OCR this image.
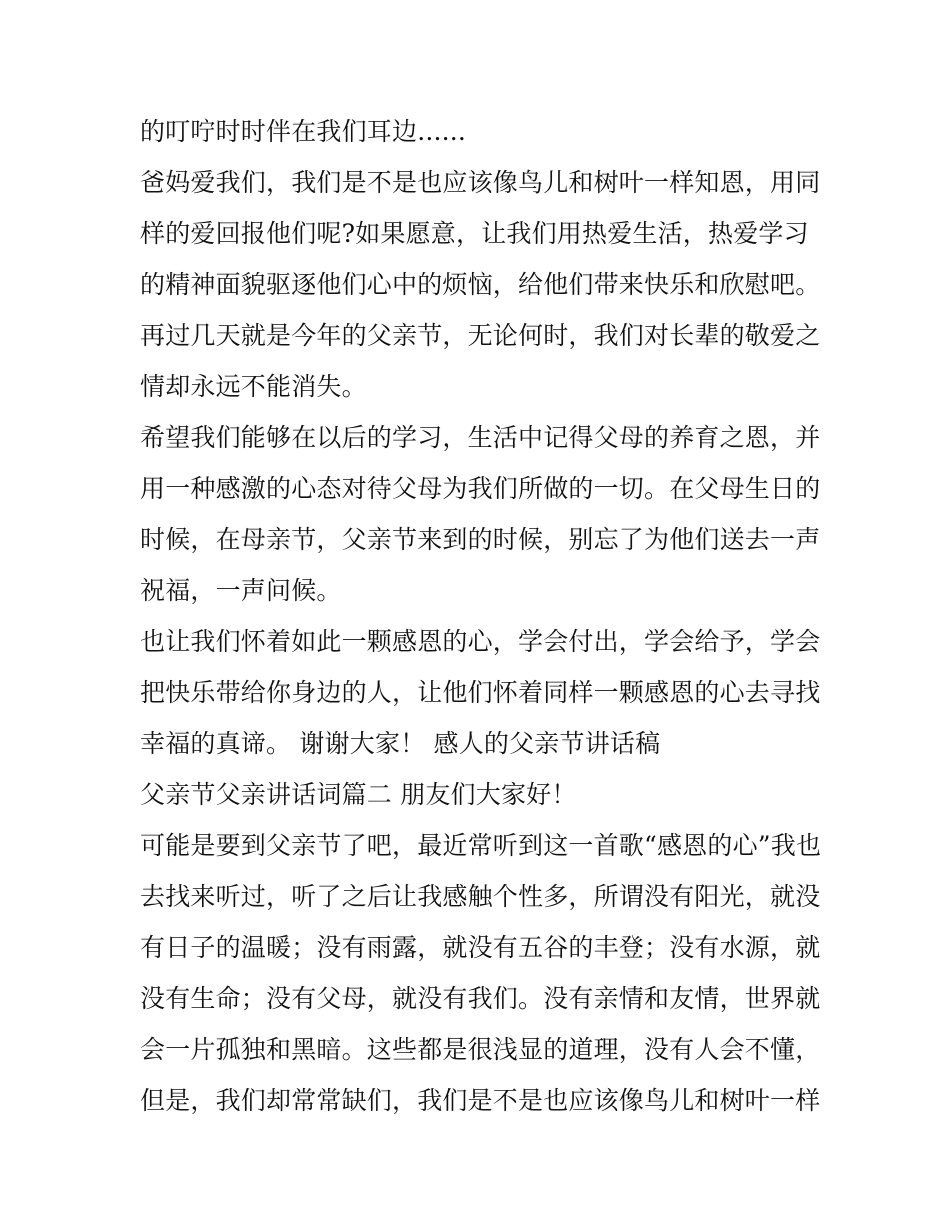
的叮咛时时伴在我们耳边......
爸妈爱我们，我们是不是也应该像鸟儿和树叶一样知恩，用同
样的爱回报他们呢?如果愿意，让我们用热爱生活，热爱学习
的精神面貌驱逐他们心中的烦恼，给他们带来快乐和欣慰吧。
再过几天就是今年的父亲节，无论何时，我们对长辈的敬爱之
情却永远不能消失。
希望我们能够在以后的学习，生活中记得父母的养育之恩，并
用一种感激的心态对待父母为我们所做的一切。在父母生日的
时候，在母亲节，父亲节来到的时候，别忘了为他们送去一声
祝福，一声问候。
也让我们怀着如此一颗感恩的心，学会付出，学会给予，学会
把快乐带给你身边的人，让他们怀着同样一颗感恩的心去寻找
幸福的真谛。 谢谢大家！ 感人的父亲节讲话稿
父亲节父亲讲话词篇二 朋友们大家好！
可能是要到父亲节了吧，最近常听到这一首歌“感恩的心”我也
去找来听过，听了之后让我感触个性多，所谓没有阳光，就没
有日子的温暖；没有雨露，就没有五谷的丰登；没有水源，就
没有生命；没有父母，就没有我们。没有亲情和友情，世界就
会一片孤独和黑暗。这些都是很浅显的道理，没有人会不懂，
但是，我们却常常缺们，我们是不是也应该像鸟儿和树叶一样
